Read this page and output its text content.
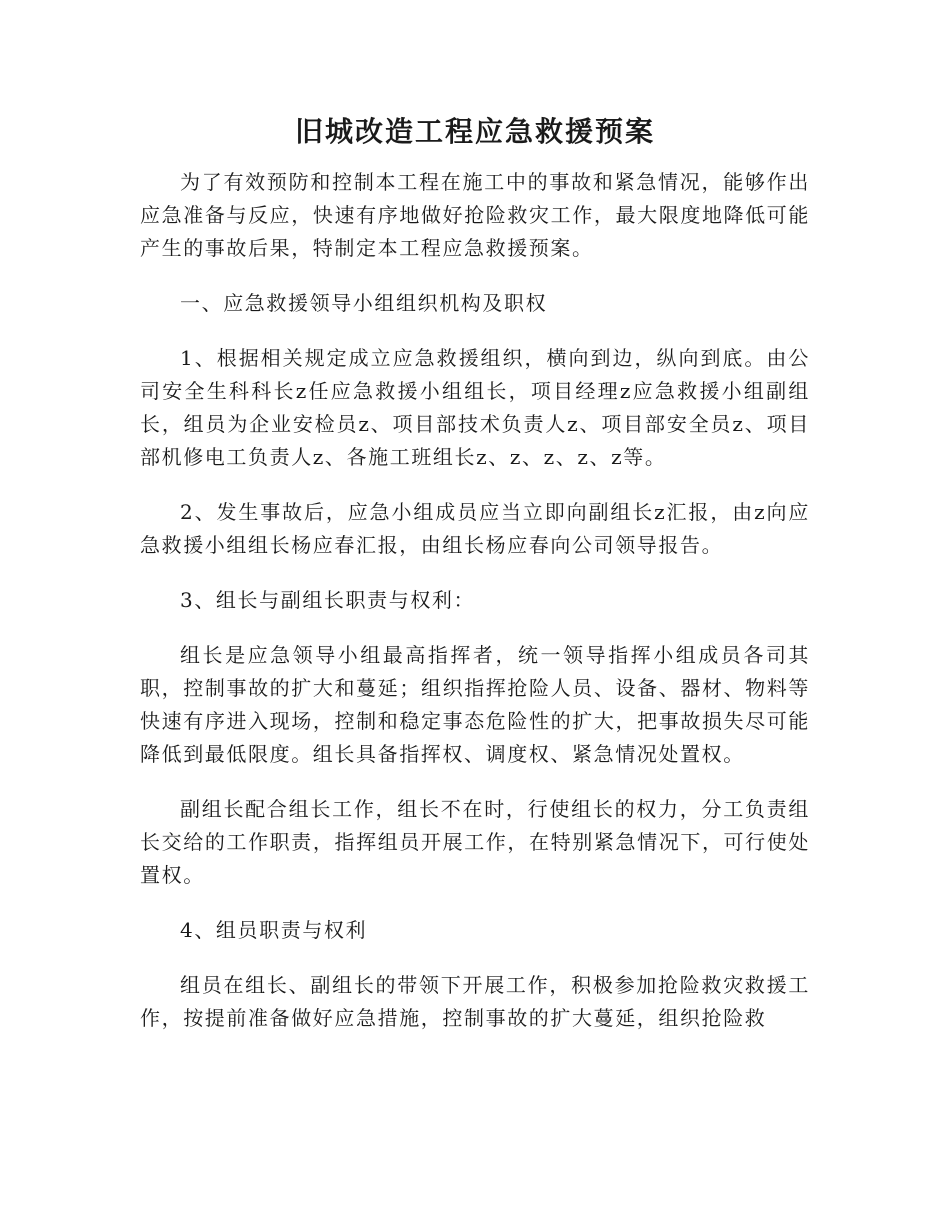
旧城改造工程应急救援预案

为了有效预防和控制本工程在施工中的事故和紧急情况，能够作出应急准备与反应，快速有序地做好抢险救灾工作，最大限度地降低可能产生的事故后果，特制定本工程应急救援预案。

一、应急救援领导小组组织机构及职权

1、根据相关规定成立应急救援组织，横向到边，纵向到底。由公司安全生科科长z任应急救援小组组长，项目经理z应急救援小组副组长，组员为企业安检员z、项目部技术负责人z、项目部安全员z、项目部机修电工负责人z、各施工班组长z、z、z、z、z等。

2、发生事故后，应急小组成员应当立即向副组长z汇报，由z向应急救援小组组长杨应春汇报，由组长杨应春向公司领导报告。

3、组长与副组长职责与权利：

组长是应急领导小组最高指挥者，统一领导指挥小组成员各司其职，控制事故的扩大和蔓延；组织指挥抢险人员、设备、器材、物料等快速有序进入现场，控制和稳定事态危险性的扩大，把事故损失尽可能降低到最低限度。组长具备指挥权、调度权、紧急情况处置权。

副组长配合组长工作，组长不在时，行使组长的权力，分工负责组长交给的工作职责，指挥组员开展工作，在特别紧急情况下，可行使处置权。

4、组员职责与权利

组员在组长、副组长的带领下开展工作，积极参加抢险救灾救援工作，按提前准备做好应急措施，控制事故的扩大蔓延，组织抢险救
